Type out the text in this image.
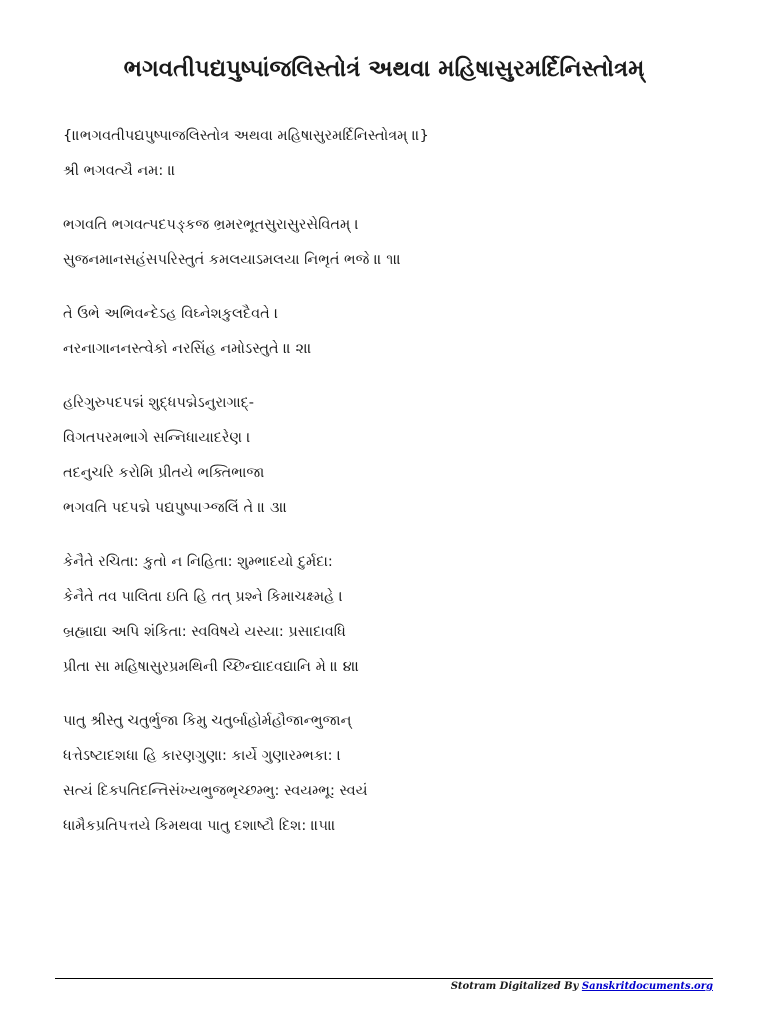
ભગવતીપદ્યપુષ્પાંજલિસ્તોત્રં અથવા મહિષાસુરમર્દિનિસ્તોત્રમ્
{॥ભગવતીપદ્યપુષ્પાજલિસ્તોત્ર અથવા મહિષાસુરમર્દિનિસ્તોત્રમ્ ॥}
શ્રી ભગવત્યૈ નમ: ॥
ભગવતિ ભગવત્પદપઙ્કજ ભ્રમરભૂતસુરાસુરસેવિતમ્ ।
સુજનમાનસહંસપરિસ્તુતં કમલયાઽમલયા નિભૃતં ભજે ॥ ૧॥
તે ઉભે અભિવન્દેઽહ વિઘ્નેશકુલદૈવતે ।
નરનાગાનનસ્ત્વેકો નરસિંહ નમોઽસ્તુતે ॥ ૨॥
હરિગુરુપદપદ્મં શુદ્ધપદ્મેઽનુરાગાદ્-
વિગતપરમભાગે સન્નિધાયાદરેણ ।
તદનુચરિ કરોમિ પ્રીતયે ભક્તિભાજા
ભગવતિ પદપદ્મે પદ્યપુષ્પાઞ્જલિં તે ॥ ૩॥
કેનૈતે રચિતા: કુતો ન નિહિતા: શુમ્ભાદયો દુર્મદા:
કેનૈતે તવ પાલિતા ઇતિ હિ તત્ પ્રશ્ને કિમાચક્ષ્મહે ।
બ્રહ્માદ્યા અપિ શંકિતા: સ્વવિષયે યસ્યા: પ્રસાદાવધિ
પ્રીતા સા મહિષાસુરપ્રમથિની ચ્છિન્દ્યાદવદ્યાનિ મે ॥ ૪॥
પાતુ શ્રીસ્તુ ચતુર્ભુજા કિમુ ચતુર્બાહોર્મહૌજાન્ભુજાન્
ધત્તેઽષ્ટાદશધા હિ કારણગુણા: કાર્યે ગુણારમ્ભકા: ।
સત્યં દિક્પતિદન્તિસંખ્યભુજભૃચ્છમ્ભુ: સ્વયમ્ભૂ: સ્વયં
ધામૈકપ્રતિપત્તયે કિમથવા પાતુ દશાષ્ટૌ દિશ: ॥૫॥
Stotram Digitalized By Sanskritdocuments.org
